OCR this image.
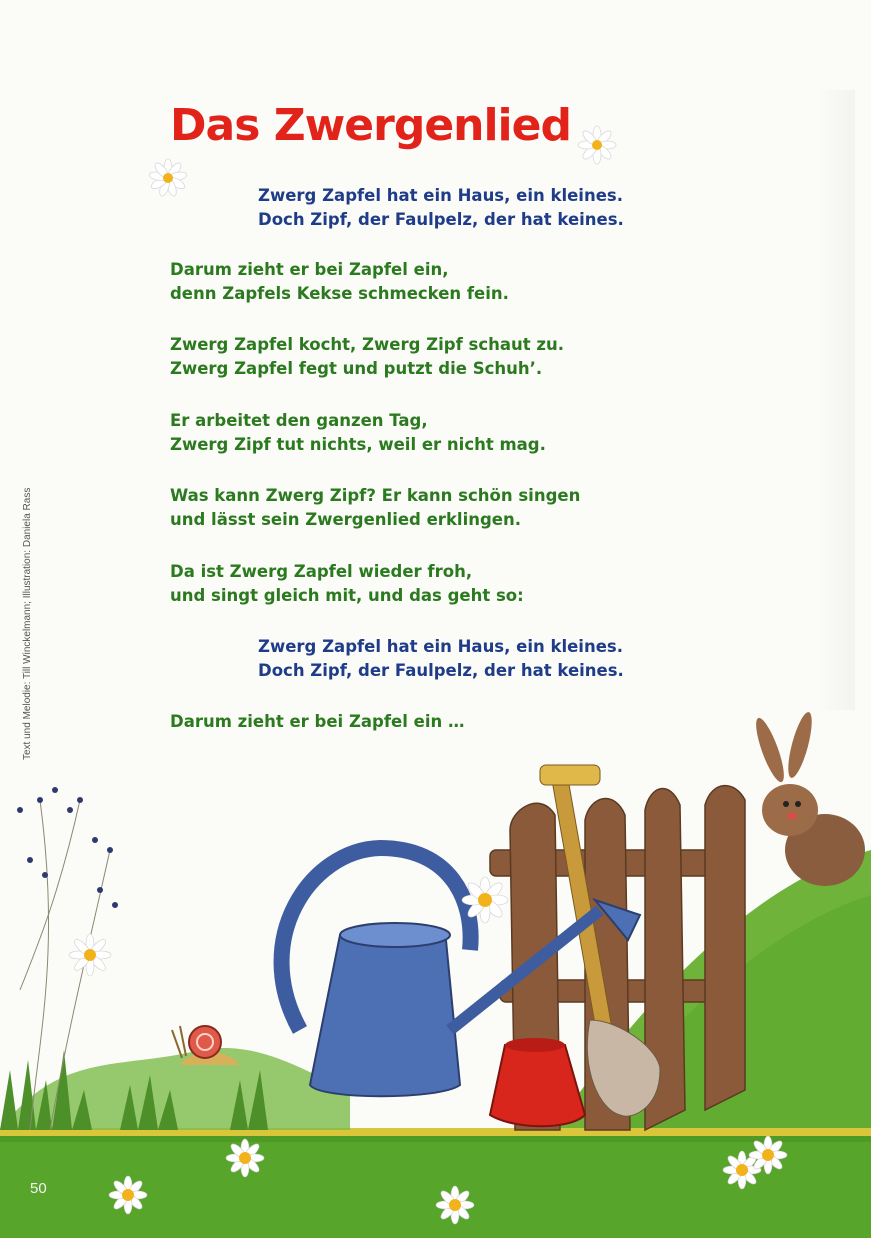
Das Zwergenlied

Zwerg Zapfel hat ein Haus, ein kleines.
Doch Zipf, der Faulpelz, der hat keines.

Darum zieht er bei Zapfel ein,
denn Zapfels Kekse schmecken fein.

Zwerg Zapfel kocht, Zwerg Zipf schaut zu.
Zwerg Zapfel fegt und putzt die Schuh’.

Er arbeitet den ganzen Tag,
Zwerg Zipf tut nichts, weil er nicht mag.

Was kann Zwerg Zipf? Er kann schön singen
und lässt sein Zwergenlied erklingen.

Da ist Zwerg Zapfel wieder froh,
und singt gleich mit, und das geht so:

Zwerg Zapfel hat ein Haus, ein kleines.
Doch Zipf, der Faulpelz, der hat keines.

Darum zieht er bei Zapfel ein …

Text und Melodie: Till Winckelmann; Illustration: Daniela Rass
50
